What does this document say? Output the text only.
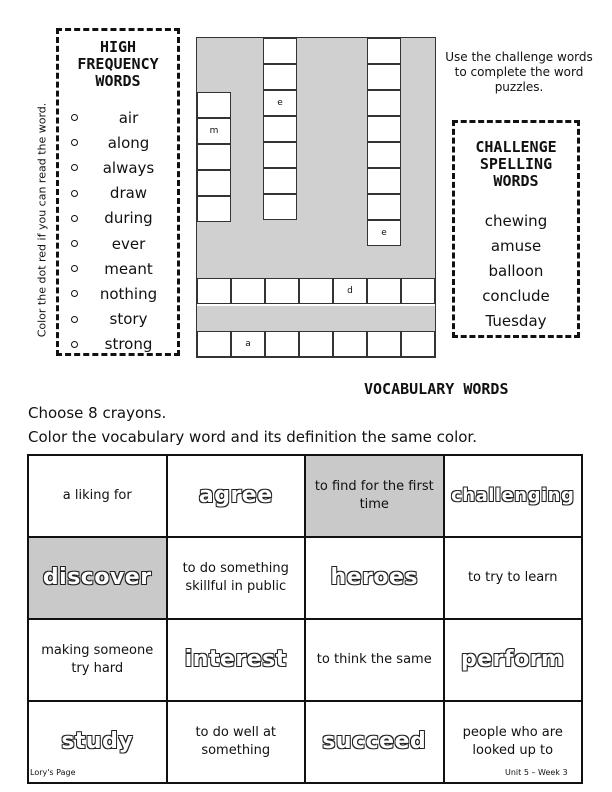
Color the dot red if you can read the word.
HIGH
FREQUENCY
WORDS
air
along
always
draw
during
ever
meant
nothing
story
strong
m
e
e
d
a
Use the challenge words to complete the word puzzles.
CHALLENGE
SPELLING
WORDS
chewing
amuse
balloon
conclude
Tuesday
VOCABULARY WORDS
Choose 8 crayons.
Color the vocabulary word and its definition the same color.
a liking for	agree	to find for the first time	challenging
discover	to do something skillful in public	heroes	to try to learn
making someone try hard	interest	to think the same	perform
study	to do well at something	succeed	people who are looked up to
Lory's Page	Unit 5 – Week 3
